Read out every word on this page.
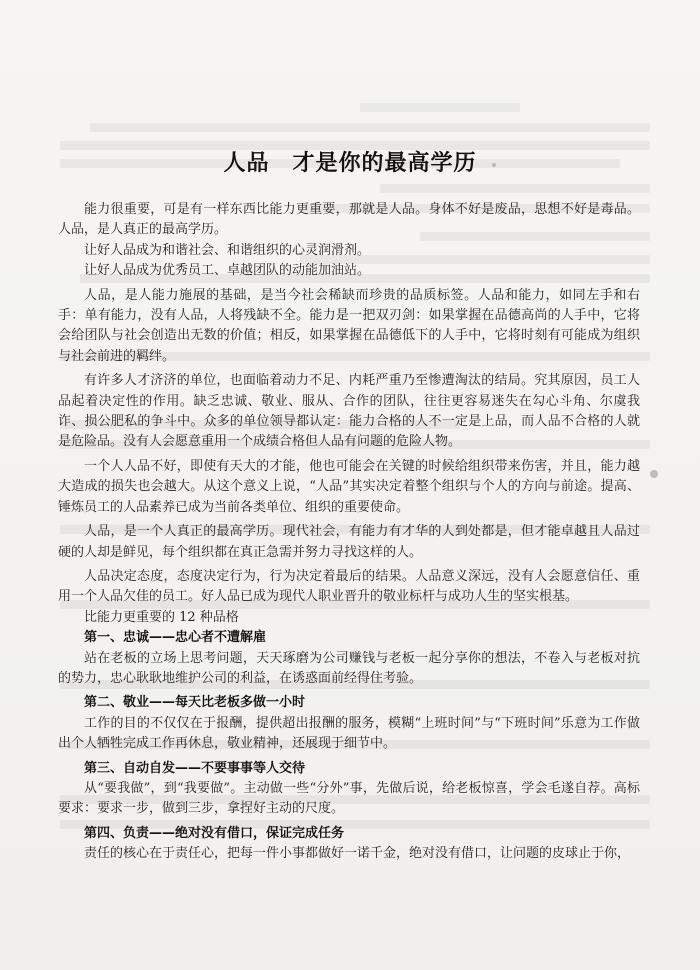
人品　才是你的最高学历

能力很重要，可是有一样东西比能力更重要，那就是人品。身体不好是废品，思想不好是毒品。人品，是人真正的最高学历。

让好人品成为和谐社会、和谐组织的心灵润滑剂。

让好人品成为优秀员工、卓越团队的动能加油站。

人品，是人能力施展的基础，是当今社会稀缺而珍贵的品质标签。人品和能力，如同左手和右手：单有能力，没有人品，人将残缺不全。能力是一把双刃剑：如果掌握在品德高尚的人手中，它将会给团队与社会创造出无数的价值；相反，如果掌握在品德低下的人手中，它将时刻有可能成为组织与社会前进的羁绊。

有许多人才济济的单位，也面临着动力不足、内耗严重乃至惨遭淘汰的结局。究其原因，员工人品起着决定性的作用。缺乏忠诚、敬业、服从、合作的团队，往往更容易迷失在勾心斗角、尔虞我诈、损公肥私的争斗中。众多的单位领导都认定：能力合格的人不一定是上品，而人品不合格的人就是危险品。没有人会愿意重用一个成绩合格但人品有问题的危险人物。

一个人人品不好，即使有天大的才能，他也可能会在关键的时候给组织带来伤害，并且，能力越大造成的损失也会越大。从这个意义上说，“人品”其实决定着整个组织与个人的方向与前途。提高、锤炼员工的人品素养已成为当前各类单位、组织的重要使命。

人品，是一个人真正的最高学历。现代社会，有能力有才华的人到处都是，但才能卓越且人品过硬的人却是鲜见，每个组织都在真正急需并努力寻找这样的人。

人品决定态度，态度决定行为，行为决定着最后的结果。人品意义深远，没有人会愿意信任、重用一个人品欠佳的员工。好人品已成为现代人职业晋升的敬业标杆与成功人生的坚实根基。

比能力更重要的 12 种品格

第一、忠诚——忠心者不遭解雇

站在老板的立场上思考问题，天天琢磨为公司赚钱与老板一起分享你的想法，不卷入与老板对抗的势力，忠心耿耿地维护公司的利益，在诱惑面前经得住考验。

第二、敬业——每天比老板多做一小时

工作的目的不仅仅在于报酬，提供超出报酬的服务，模糊“上班时间”与“下班时间”乐意为工作做出个人牺牲完成工作再休息，敬业精神，还展现于细节中。

第三、自动自发——不要事事等人交待

从“要我做”，到“我要做”。主动做一些“分外”事，先做后说，给老板惊喜，学会毛遂自荐。高标要求：要求一步，做到三步，拿捏好主动的尺度。

第四、负责——绝对没有借口，保证完成任务

责任的核心在于责任心，把每一件小事都做好一诺千金，绝对没有借口，让问题的皮球止于你，
